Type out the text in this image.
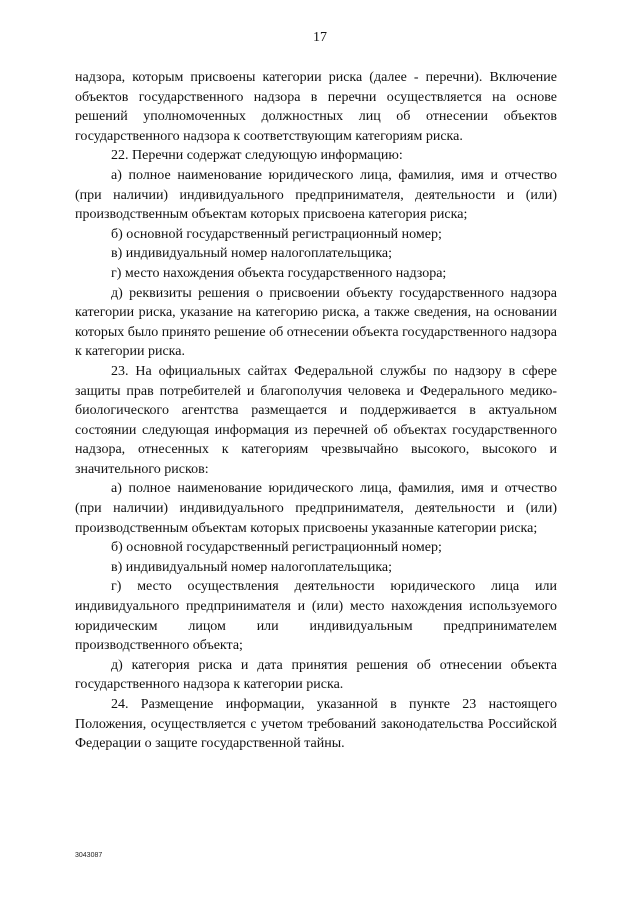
17

надзора, которым присвоены категории риска (далее - перечни). Включение объектов государственного надзора в перечни осуществляется на основе решений уполномоченных должностных лиц об отнесении объектов государственного надзора к соответствующим категориям риска.

22. Перечни содержат следующую информацию:

а) полное наименование юридического лица, фамилия, имя и отчество (при наличии) индивидуального предпринимателя, деятельности и (или) производственным объектам которых присвоена категория риска;

б) основной государственный регистрационный номер;

в) индивидуальный номер налогоплательщика;

г) место нахождения объекта государственного надзора;

д) реквизиты решения о присвоении объекту государственного надзора категории риска, указание на категорию риска, а также сведения, на основании которых было принято решение об отнесении объекта государственного надзора к категории риска.

23. На официальных сайтах Федеральной службы по надзору в сфере защиты прав потребителей и благополучия человека и Федерального медико-биологического агентства размещается и поддерживается в актуальном состоянии следующая информация из перечней об объектах государственного надзора, отнесенных к категориям чрезвычайно высокого, высокого и значительного рисков:

а) полное наименование юридического лица, фамилия, имя и отчество (при наличии) индивидуального предпринимателя, деятельности и (или) производственным объектам которых присвоены указанные категории риска;

б) основной государственный регистрационный номер;

в) индивидуальный номер налогоплательщика;

г) место осуществления деятельности юридического лица или индивидуального предпринимателя и (или) место нахождения используемого юридическим лицом или индивидуальным предпринимателем производственного объекта;

д) категория риска и дата принятия решения об отнесении объекта государственного надзора к категории риска.

24. Размещение информации, указанной в пункте 23 настоящего Положения, осуществляется с учетом требований законодательства Российской Федерации о защите государственной тайны.

3043087
